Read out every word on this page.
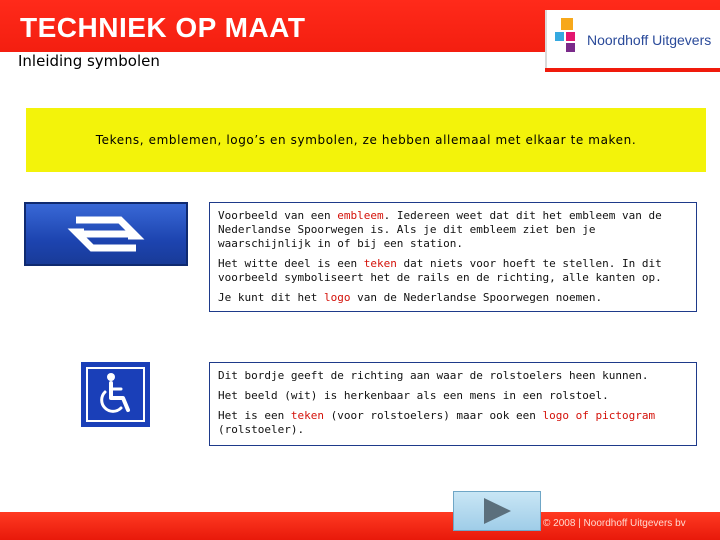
TECHNIEK OP MAAT
Inleiding symbolen
Noordhoff Uitgevers
Tekens, emblemen, logo’s en symbolen, ze hebben allemaal met elkaar te maken.

Voorbeeld van een embleem. Iedereen weet dat dit het embleem van de Nederlandse Spoorwegen is. Als je dit embleem ziet ben je waarschijnlijk in of bij een station.

Het witte deel is een teken dat niets voor hoeft te stellen. In dit voorbeeld symboliseert het de rails en de richting, alle kanten op.

Je kunt dit het logo van de Nederlandse Spoorwegen noemen.

Dit bordje geeft de richting aan waar de rolstoelers heen kunnen.

Het beeld (wit) is herkenbaar als een mens in een rolstoel.

Het is een teken (voor rolstoelers) maar ook een logo of pictogram (rolstoeler).

© 2008 | Noordhoff Uitgevers bv
